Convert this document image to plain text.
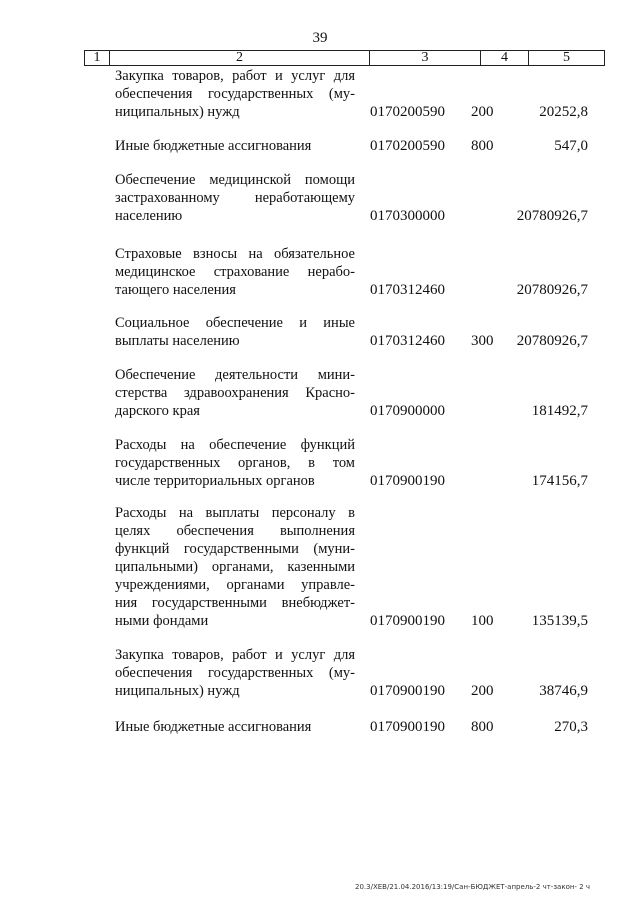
39
1	2	3	4	5
Закупка товаров, работ и услуг для
обеспечения государственных (му-
ниципальных) нужд	0170200590 200	20252,8
Иные бюджетные ассигнования	0170200590 800	547,0
Обеспечение медицинской помощи
застрахованному неработающему
населению	0170300000	20780926,7
Страховые взносы на обязательное
медицинское страхование нерабо-
тающего населения	0170312460	20780926,7
Социальное обеспечение и иные
выплаты населению	0170312460 300 20780926,7
Обеспечение деятельности мини-
стерства здравоохранения Красно-
дарского края	0170900000	181492,7
Расходы на обеспечение функций
государственных органов, в том
числе территориальных органов	0170900190	174156,7
Расходы на выплаты персоналу в
целях обеспечения выполнения
функций государственными (муни-
ципальными) органами, казенными
учреждениями, органами управле-
ния государственными внебюджет-
ными фондами	0170900190 100	135139,5
Закупка товаров, работ и услуг для
обеспечения государственных (му-
ниципальных) нужд	0170900190 200	38746,9
Иные бюджетные ассигнования	0170900190 800	270,3
20.3/ХЕВ/21.04.2016/13:19/Сан-БЮДЖЕТ-апрель-2 чт-закон- 2 ч
